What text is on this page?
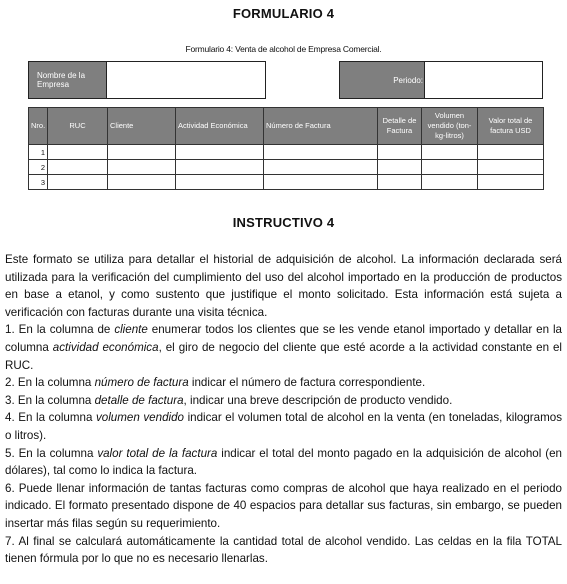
FORMULARIO 4
Formulario 4: Venta de alcohol de Empresa Comercial.
Nombre de la Empresa	Periodo:
Nro.	RUC	Cliente	Actividad Económica	Número de Factura	Detalle de Factura	Volumen vendido (ton-kg-litros)	Valor total de factura USD
1							
2							
3							
INSTRUCTIVO 4

Este formato se utiliza para detallar el historial de adquisición de alcohol. La información declarada será utilizada para la verificación del cumplimiento del uso del alcohol importado en la producción de productos en base a etanol, y como sustento que justifique el monto solicitado. Esta información está sujeta a verificación con facturas durante una visita técnica.

1. En la columna de cliente enumerar todos los clientes que se les vende etanol importado y detallar en la columna actividad económica, el giro de negocio del cliente que esté acorde a la actividad constante en el RUC.

2. En la columna número de factura indicar el número de factura correspondiente.

3. En la columna detalle de factura, indicar una breve descripción de producto vendido.

4. En la columna volumen vendido indicar el volumen total de alcohol en la venta (en toneladas, kilogramos o litros).

5. En la columna valor total de la factura indicar el total del monto pagado en la adquisición de alcohol (en dólares), tal como lo indica la factura.

6. Puede llenar información de tantas facturas como compras de alcohol que haya realizado en el periodo indicado. El formato presentado dispone de 40 espacios para detallar sus facturas, sin embargo, se pueden insertar más filas según su requerimiento.

7. Al final se calculará automáticamente la cantidad total de alcohol vendido. Las celdas en la fila TOTAL tienen fórmula por lo que no es necesario llenarlas.
